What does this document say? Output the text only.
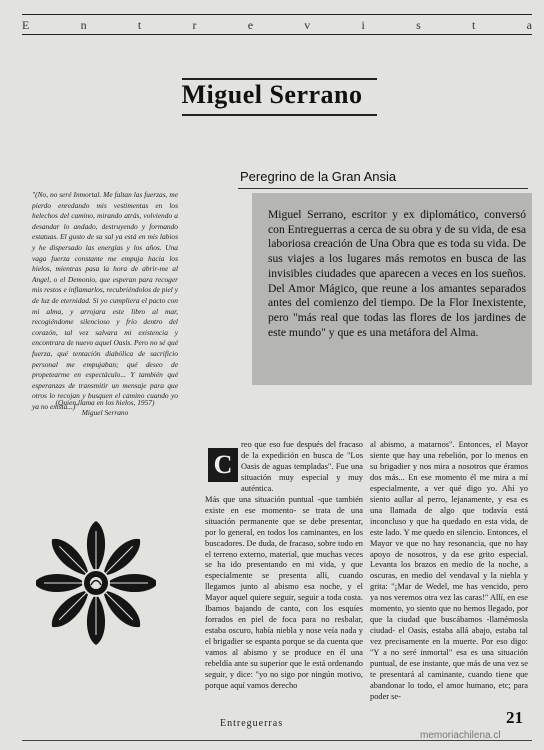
E	n	t	r	e	v	i	s	t	a
Miguel Serrano
Peregrino de la Gran Ansia
Miguel Serrano, escritor y ex diplomático, conversó con Entreguerras a cerca de su obra y de su vida, de esa laboriosa creación de Una Obra que es toda su vida. De sus viajes a los lugares más remotos en busca de las invisibles ciudades que aparecen a veces en los sueños. Del Amor Mágico, que reune a los amantes separados antes del comienzo del tiempo. De la Flor Inexistente, pero "más real que todas las flores de los jardines de este mundo" y que es una metáfora del Alma.
"(No, no seré Inmortal. Me faltan las fuerzas, me pierdo enredando mis vestimentas en los helechos del camino, mirando atrás, volviendo a desandar lo andado, destruyendo y formando estatuas. El gusto de su sal ya está en mis labios y he dispersado las energías y los años. Una vaga fuerza constante me empuja hacia los hielos, mientras pasa la hora de abrir-me al Angel, o el Demonio, que esperan para recoger mis restos e inflamarlos, recubriéndolos de piel y de luz de eternidad. Si yo cumpliera el pacto con mi alma, y arrojara este libro al mar, recogiéndome silencioso y frío dentro del corazón, tal vez salvara mi existencia y encontrara de nuevo aquel Oasis. Pero no sé qué fuerza, qué tentación diabólica de sacrificio personal me empujaban; qué deseo de propetearme en espectáculo... Y también qué esperanzas de transmitir un mensaje para que otros lo recojan y busquen el camino cuando yo ya no exista...)"
(Quien llama en los hielos, 1957)
Miguel Serrano
C
reo que eso fue después del fracaso de la expedición en busca de "Los Oasis de aguas templadas". Fue una situación muy especial y muy auténtica.
Más que una situación puntual -que también existe en ese momento- se trata de una situación permanente que se debe presentar, por lo general, en todos los caminantes, en los buscadores. De duda, de fracaso, sobre todo en el terreno externo, material, que muchas veces se ha ido presentando en mi vida, y que especialmente se presenta allí, cuando llegamos junto al abismo esa noche, y el Mayor aquel quiere seguir, seguir a toda costa. Ibamos bajando de canto, con los esquíes forrados en piel de foca para no resbalar, estaba oscuro, había niebla y nose veía nada y el brigadier se espanta porque se da cuenta que vamos al abismo y se produce en él una rebeldía ante su superior que le está ordenando seguir, y dice: "yo no sigo por ningún motivo, porque aquí vamos derecho
al abismo, a matarnos". Entonces, el Mayor siente que hay una rebelión, por lo menos en su brigadier y nos mira a nosotros que éramos dos más... En ese momento él me mira a mí especialmente, a ver qué digo yo. Ahí yo siento aullar al perro, lejanamente, y esa es una llamada de algo que todavía está inconcluso y que ha quedado en esta vida, de este lado. Y me quedo en silencio. Entonces, el Mayor ve que no hay resonancia, que no hay apoyo de nosotros, y da ese grito especial. Levanta los brazos en medio de la noche, a oscuras, en medio del vendaval y la niebla y grita: "¡Mar de Wedel, me has vencido, pero ya nos veremos otra vez las caras!" Allí, en ese momento, yo siento que no hemos llegado, por que la ciudad que buscábamos -llamémosla ciudad- el Oasis, estaba allá abajo, estaba tal vez precisamente en la muerte. Por eso digo: "Y a no seré inmortal" esa es una situación puntual, de ese instante, que más de una vez se te presentará al caminante, cuando tiene que abandonar lo todo, el amor humano, etc; para poder se-
Entreguerras	21
memoriachilena.cl
